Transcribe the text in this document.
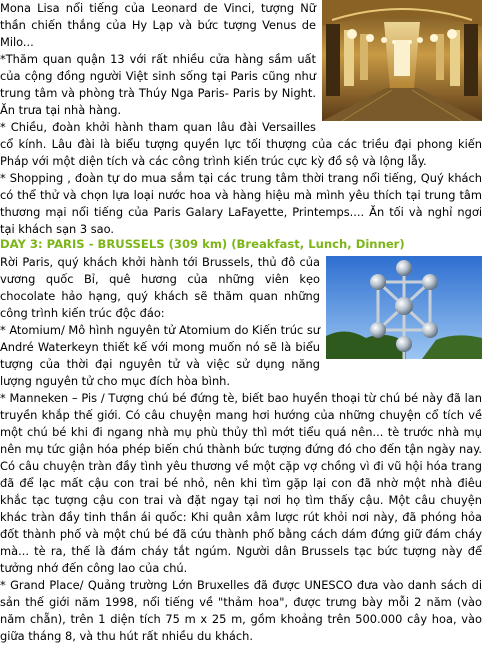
Mona Lisa nổi tiếng của Leonard de Vinci, tượng Nữ thần chiến thắng của Hy Lạp và bức tượng Venus de Milo...

*Thăm quan quận 13 với rất nhiều cửa hàng sầm uất của cộng đồng người Việt sinh sống tại Paris cũng như trung tâm và phòng trà Thúy Nga Paris- Paris by Night. Ăn trưa tại nhà hàng.

* Chiều, đoàn khởi hành tham quan lâu đài Versailles cổ kính. Lâu đài là biểu tượng quyền lực tối thượng của các triều đại phong kiến Pháp với một diện tích và các công trình kiến trúc cực kỳ đồ sộ và lộng lẫy.

* Shopping , đoàn tự do mua sắm tại các trung tâm thời trang nổi tiếng, Quý khách có thể thử và chọn lựa loại nước hoa và hàng hiệu mà mình yêu thích tại trung tâm thương mại nổi tiếng của Paris Galary LaFayette, Printemps.... Ăn tối và nghỉ ngơi tại khách sạn 3 sao.

DAY 3: PARIS - BRUSSELS (309 km) (Breakfast, Lunch, Dinner)

Rời Paris, quý khách khởi hành tới Brussels, thủ đô của vương quốc Bỉ, quê hương của những viên kẹo chocolate hảo hạng, quý khách sẽ thăm quan những công trình kiến trúc độc đáo:

* Atomium/ Mô hình nguyên tử Atomium do Kiến trúc sư André Waterkeyn thiết kế với mong muốn nó sẽ là biểu tượng của thời đại nguyên tử và việc sử dụng năng lượng nguyên tử cho mục đích hòa bình.

* Manneken – Pis / Tượng chú bé đứng tè, biết bao huyền thoại từ chú bé này đã lan truyền khắp thế giới. Có câu chuyện mang hơi hướng của những chuyện cổ tích về một chú bé khi đi ngang nhà mụ phù thủy thì mớt tiểu quá nên... tè trước nhà mụ nên mụ tức giận hóa phép biến chú thành bức tượng đứng đó cho đến tận ngày nay. Có câu chuyện tràn đầy tình yêu thương về một cặp vợ chồng vì đi vũ hội hóa trang đã để lạc mất cậu con trai bé nhỏ, nên khi tìm gặp lại con đã nhờ một nhà điêu khắc tạc tượng cậu con trai và đặt ngay tại nơi họ tìm thấy cậu. Một câu chuyện khác tràn đầy tinh thần ái quốc: Khi quân xâm lược rút khỏi nơi này, đã phóng hỏa đốt thành phố và một chú bé đã cứu thành phố bằng cách dám đứng giữ đám cháy mà... tè ra, thế là đám cháy tắt ngúm. Người dân Brussels tạc bức tượng này để tưởng nhớ đến công lao của chú.

* Grand Place/ Quảng trường Lớn Bruxelles đã được UNESCO đưa vào danh sách di sản thế giới năm 1998, nổi tiếng về "thảm hoa", được trưng bày mỗi 2 năm (vào năm chẵn), trên 1 diện tích 75 m x 25 m, gồm khoảng trên 500.000 cây hoa, vào giữa tháng 8, và thu hút rất nhiều du khách.
